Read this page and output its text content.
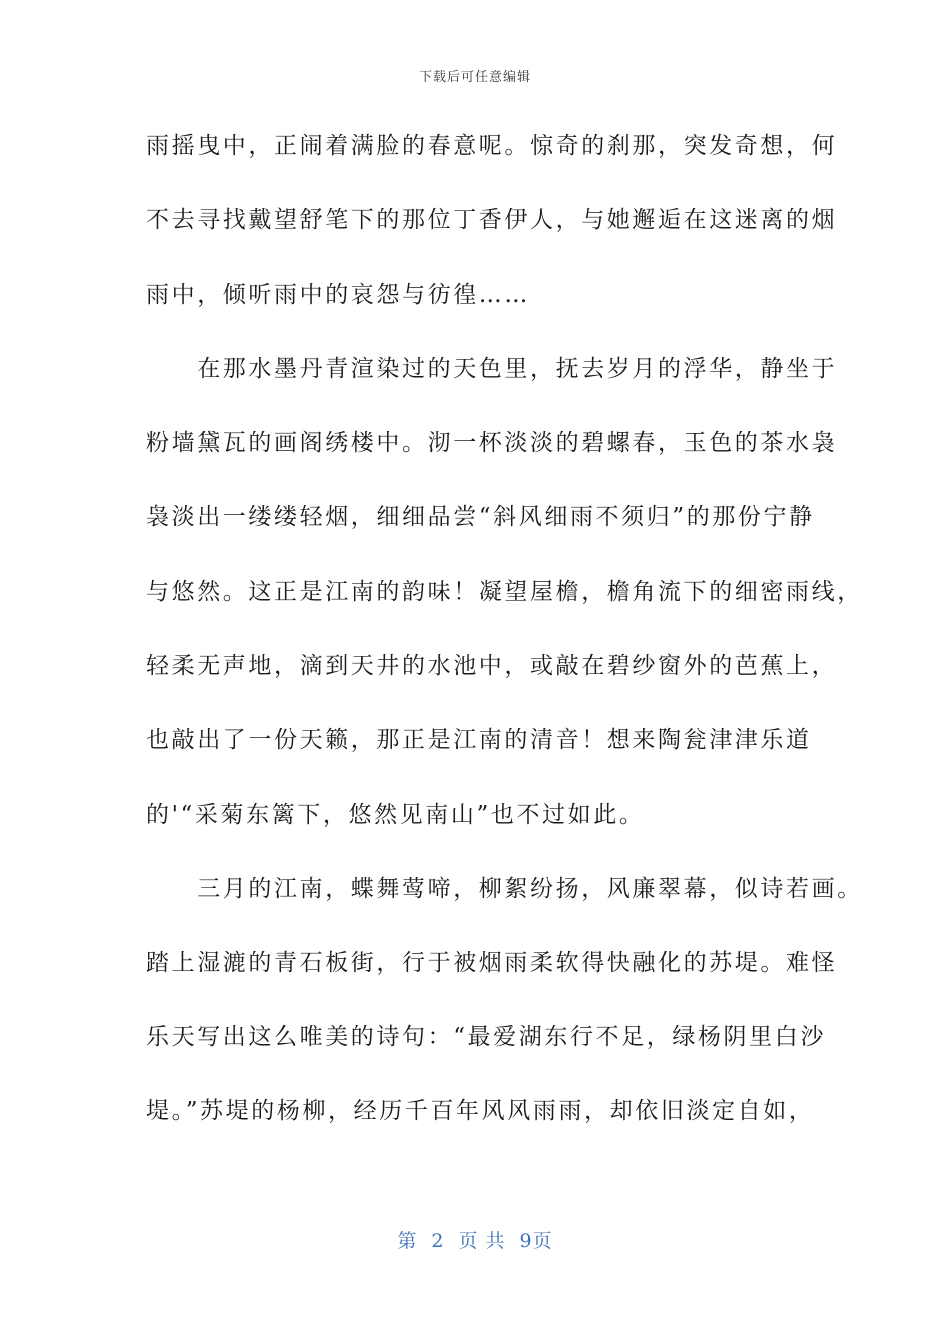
下载后可任意编辑
雨摇曳中，正闹着满脸的春意呢。惊奇的刹那，突发奇想，何
不去寻找戴望舒笔下的那位丁香伊人，与她邂逅在这迷离的烟
雨中，倾听雨中的哀怨与彷徨……
　　在那水墨丹青渲染过的天色里，抚去岁月的浮华，静坐于
粉墙黛瓦的画阁绣楼中。沏一杯淡淡的碧螺春，玉色的茶水袅
袅淡出一缕缕轻烟，细细品尝“斜风细雨不须归”的那份宁静
与悠然。这正是江南的韵味！凝望屋檐，檐角流下的细密雨线，
轻柔无声地，滴到天井的水池中，或敲在碧纱窗外的芭蕉上，
也敲出了一份天籁，那正是江南的清音！想来陶瓮津津乐道
的'“采菊东篱下，悠然见南山”也不过如此。
　　三月的江南，蝶舞莺啼，柳絮纷扬，风廉翠幕，似诗若画。
踏上湿漉的青石板街，行于被烟雨柔软得快融化的苏堤。难怪
乐天写出这么唯美的诗句：“最爱湖东行不足，绿杨阴里白沙
堤。”苏堤的杨柳，经历千百年风风雨雨，却依旧淡定自如，
第 2 页 共 9页
